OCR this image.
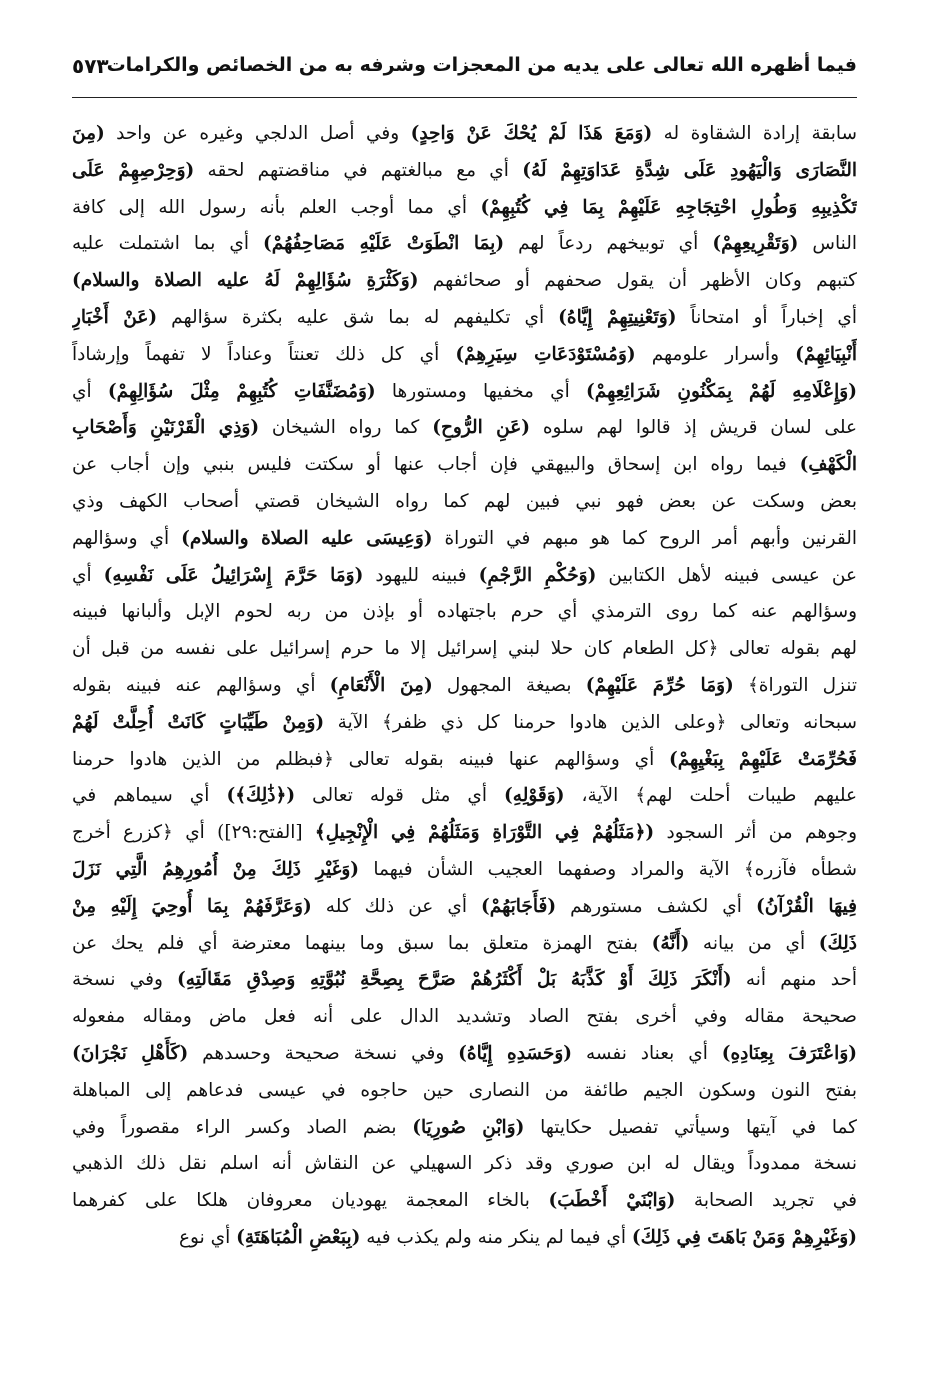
فيما أظهره الله تعالى على يديه من المعجزات وشرفه به من الخصائص والكرامات
٥٧٣
سابقة إرادة الشقاوة له (وَمَعَ هَذَا لَمْ يُحْكَ عَنْ وَاحِدٍ) وفي أصل الدلجي وغيره عن واحد (مِنَ
النَّصَارَى وَالْيَهُودِ عَلَى شِدَّةِ عَدَاوَتِهِمْ لَهُ) أي مع مبالغتهم في مناقضتهم لحقه (وَحِرْصِهِمْ عَلَى
تَكْذِيبِهِ وَطُولِ احْتِجَاجِهِ عَلَيْهِمْ بِمَا فِي كُتُبِهِمْ) أي مما أوجب العلم بأنه رسول الله إلى كافة
الناس (وَتَقْرِيعِهِمْ) أي توبيخهم ردعاً لهم (بِمَا انْطَوَتْ عَلَيْهِ مَصَاحِفُهُمْ) أي بما اشتملت عليه
كتبهم وكان الأظهر أن يقول صحفهم أو صحائفهم (وَكَثْرَةِ سُؤَالِهِمْ لَهُ عليه الصلاة والسلام)
أي إخباراً أو امتحاناً (وَتَعْنِيتِهِمْ إِيَّاهُ) أي تكليفهم له بما شق عليه بكثرة سؤالهم (عَنْ أَخْبَارِ
أَنْبِيَائِهِمْ) وأسرار علومهم (وَمُسْتَوْدَعَاتِ سِيَرِهِمْ) أي كل ذلك تعنتاً وعناداً لا تفهماً وإرشاداً
(وَإِعْلَامِهِ لَهُمْ بِمَكْنُونِ شَرَائِعِهِمْ) أي مخفيها ومستورها (وَمُضَنَّفَاتِ كُتُبِهِمْ مِثْلَ سُؤَالِهِمْ) أي
على لسان قريش إذ قالوا لهم سلوه (عَنِ الرُّوحِ) كما رواه الشيخان (وَذِي الْقَرْنَيْنِ وَأَصْحَابِ
الْكَهْفِ) فيما رواه ابن إسحاق والبيهقي فإن أجاب عنها أو سكتت فليس بنبي وإن أجاب عن
بعض وسكت عن بعض فهو نبي فبين لهم كما رواه الشيخان قصتي أصحاب الكهف وذي
القرنين وأبهم أمر الروح كما هو مبهم في التوراة (وَعِيسَى عليه الصلاة والسلام) أي وسؤالهم
عن عيسى فبينه لأهل الكتابين (وَحُكْمِ الرَّجْمِ) فبينه لليهود (وَمَا حَرَّمَ إِسْرَائِيلُ عَلَى نَفْسِهِ) أي
وسؤالهم عنه كما روى الترمذي أي حرم باجتهاده أو بإذن من ربه لحوم الإبل وألبانها فبينه
لهم بقوله تعالى ﴿كل الطعام كان حلا لبني إسرائيل إلا ما حرم إسرائيل على نفسه من قبل أن
تنزل التوراة﴾ (وَمَا حُرِّمَ عَلَيْهِمْ) بصيغة المجهول (مِنَ الْأَنْعَامِ) أي وسؤالهم عنه فبينه بقوله
سبحانه وتعالى ﴿وعلى الذين هادوا حرمنا كل ذي ظفر﴾ الآية (وَمِنْ طَيِّبَاتٍ كَانَتْ أُحِلَّتْ لَهُمْ
فَحُرِّمَتْ عَلَيْهِمْ بِبَغْيِهِمْ) أي وسؤالهم عنها فبينه بقوله تعالى ﴿فبظلم من الذين هادوا حرمنا
عليهم طيبات أحلت لهم﴾ الآية، (وَقَوْلِهِ) أي مثل قوله تعالى (﴿ذَٰلِكَ﴾) أي سيماهم في
وجوهم من أثر السجود (﴿مَثَلُهُمْ فِي التَّوْرَاةِ وَمَثَلُهُمْ فِي الْإِنْجِيلِ﴾ [الفتح:٢٩]) أي ﴿كزرع أخرج
شطأه فآزره﴾ الآية والمراد وصفهما العجيب الشأن فيهما (وَغَيْرِ ذَلِكَ مِنْ أُمُورِهِمُ الَّتِي نَزَلَ
فِيهَا الْقُرْآنُ) أي لكشف مستورهم (فَأَجَابَهُمْ) أي عن ذلك كله (وَعَرَّفَهُمْ بِمَا أُوحِيَ إِلَيْهِ مِنْ
ذَلِكَ) أي من بيانه (أَنَّهُ) بفتح الهمزة متعلق بما سبق وما بينهما معترضة أي فلم يحك عن
أحد منهم أنه (أَنْكَرَ ذَلِكَ أَوْ كَذَّبَهُ بَلْ أَكْثَرُهُمْ صَرَّحَ بِصِحَّةِ نُبُوَّتِهِ وَصِدْقِ مَقَالَتِهِ) وفي نسخة
صحيحة مقاله وفي أخرى بفتح الصاد وتشديد الدال على أنه فعل ماض ومقاله مفعوله
(وَاعْتَرَفَ بِعِنَادِهِ) أي بعناد نفسه (وَحَسَدِهِ إِيَّاهُ) وفي نسخة صحيحة وحسدهم (كَأَهْلِ نَجْرَانَ)
بفتح النون وسكون الجيم طائفة من النصارى حين حاجوه في عيسى فدعاهم إلى المباهلة
كما في آيتها وسيأتي تفصيل حكايتها (وَابْنِ صُورِيَا) بضم الصاد وكسر الراء مقصوراً وفي
نسخة ممدوداً ويقال له ابن صوري وقد ذكر السهيلي عن النقاش أنه اسلم نقل ذلك الذهبي
في تجريد الصحابة (وَابْنَيْ أَخْطَبَ) بالخاء المعجمة يهوديان معروفان هلكا على كفرهما
(وَغَيْرِهِمْ وَمَنْ بَاهَتَ فِي ذَلِكَ) أي فيما لم ينكر منه ولم يكذب فيه (بِبَعْضِ الْمُبَاهَتَةِ) أي نوع
